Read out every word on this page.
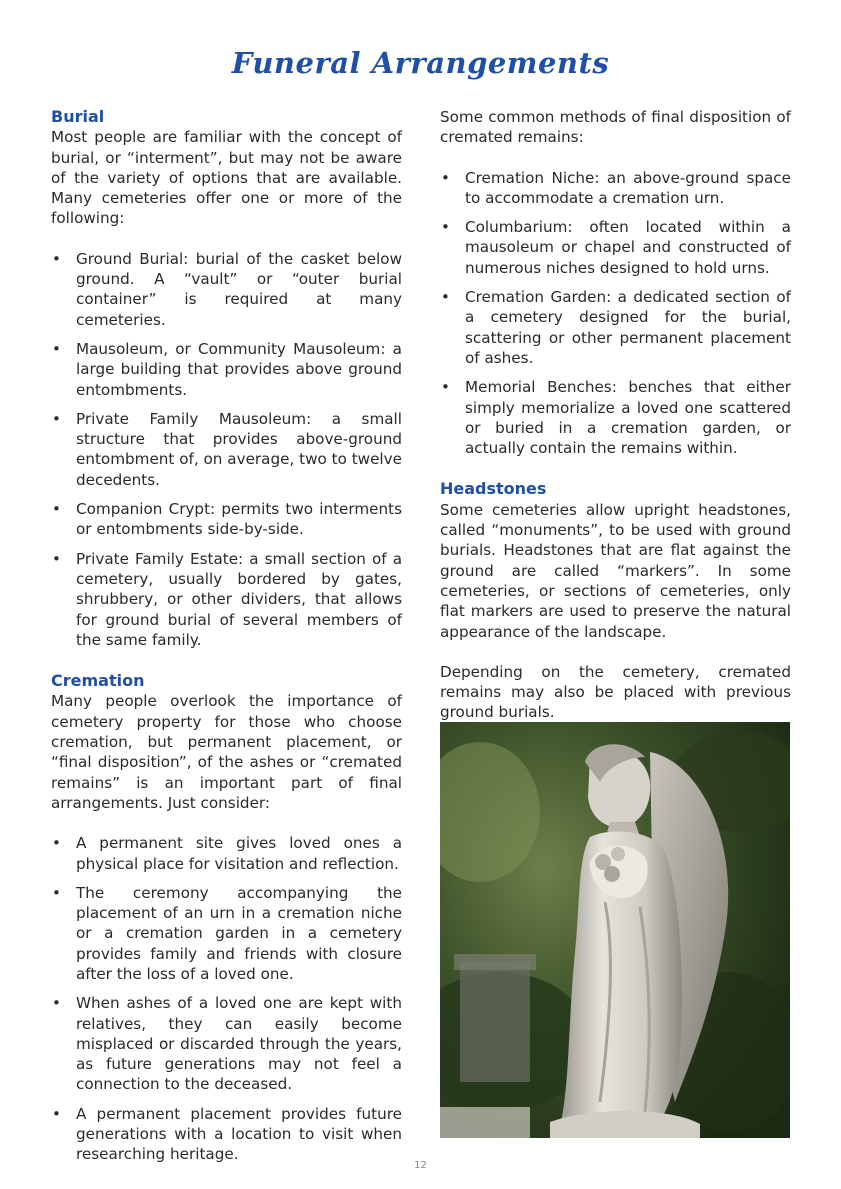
Funeral Arrangements
Burial

Most people are familiar with the concept of burial, or “interment”, but may not be aware of the variety of options that are available. Many cemeteries offer one or more of the following:

• Ground Burial: burial of the casket below ground. A “vault” or “outer burial container” is required at many cemeteries.
• Mausoleum, or Community Mausoleum: a large building that provides above ground entombments.
• Private Family Mausoleum: a small structure that provides above-ground entombment of, on average, two to twelve decedents.
• Companion Crypt: permits two interments or entombments side-by-side.
• Private Family Estate: a small section of a cemetery, usually bordered by gates, shrubbery, or other dividers, that allows for ground burial of several members of the same family.
Cremation

Many people overlook the importance of cemetery property for those who choose cremation, but permanent placement, or “final disposition”, of the ashes or “cremated remains” is an important part of final arrangements. Just consider:

• A permanent site gives loved ones a physical place for visitation and reflection.
• The ceremony accompanying the placement of an urn in a cremation niche or a cremation garden in a cemetery provides family and friends with closure after the loss of a loved one.
• When ashes of a loved one are kept with relatives, they can easily become misplaced or discarded through the years, as future generations may not feel a connection to the deceased.
• A permanent placement provides future generations with a location to visit when researching heritage.

Some common methods of final disposition of cremated remains:

• Cremation Niche: an above-ground space to accommodate a cremation urn.
• Columbarium: often located within a mausoleum or chapel and constructed of numerous niches designed to hold urns.
• Cremation Garden: a dedicated section of a cemetery designed for the burial, scattering or other permanent placement of ashes.
• Memorial Benches: benches that either simply memorialize a loved one scattered or buried in a cremation garden, or actually contain the remains within.
Headstones

Some cemeteries allow upright headstones, called “monuments”, to be used with ground burials. Headstones that are flat against the ground are called “markers”. In some cemeteries, or sections of cemeteries, only flat markers are used to preserve the natural appearance of the landscape.

Depending on the cemetery, cremated remains may also be placed with previous ground burials.

12
